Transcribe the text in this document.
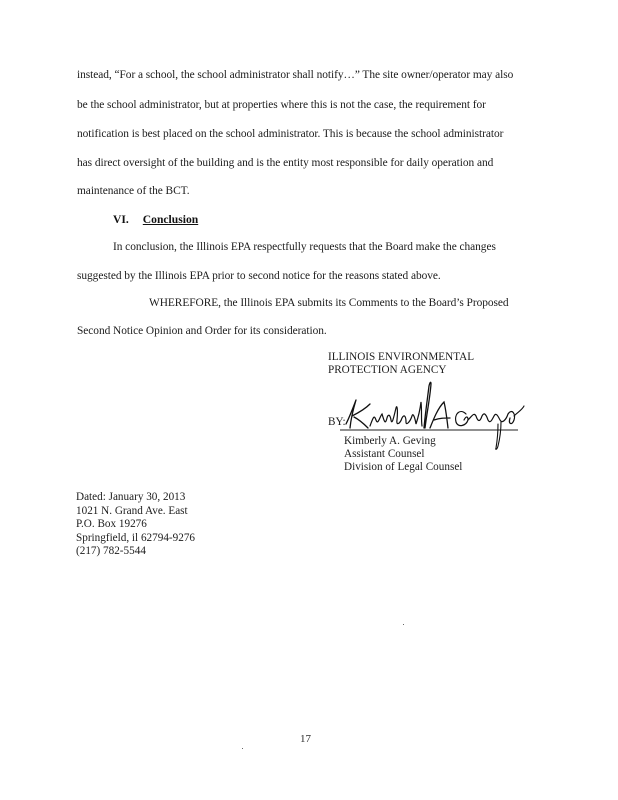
instead, “For a school, the school administrator shall notify…” The site owner/operator may also
be the school administrator, but at properties where this is not the case, the requirement for
notification is best placed on the school administrator. This is because the school administrator
has direct oversight of the building and is the entity most responsible for daily operation and
maintenance of the BCT.
VI. Conclusion
In conclusion, the Illinois EPA respectfully requests that the Board make the changes
suggested by the Illinois EPA prior to second notice for the reasons stated above.
WHEREFORE, the Illinois EPA submits its Comments to the Board’s Proposed
Second Notice Opinion and Order for its consideration.
ILLINOIS ENVIRONMENTAL
PROTECTION AGENCY
BY:
Kimberly A. Geving
Assistant Counsel
Division of Legal Counsel
Dated: January 30, 2013
1021 N. Grand Ave. East
P.O. Box 19276
Springfield, il 62794-9276
(217) 782-5544
17
